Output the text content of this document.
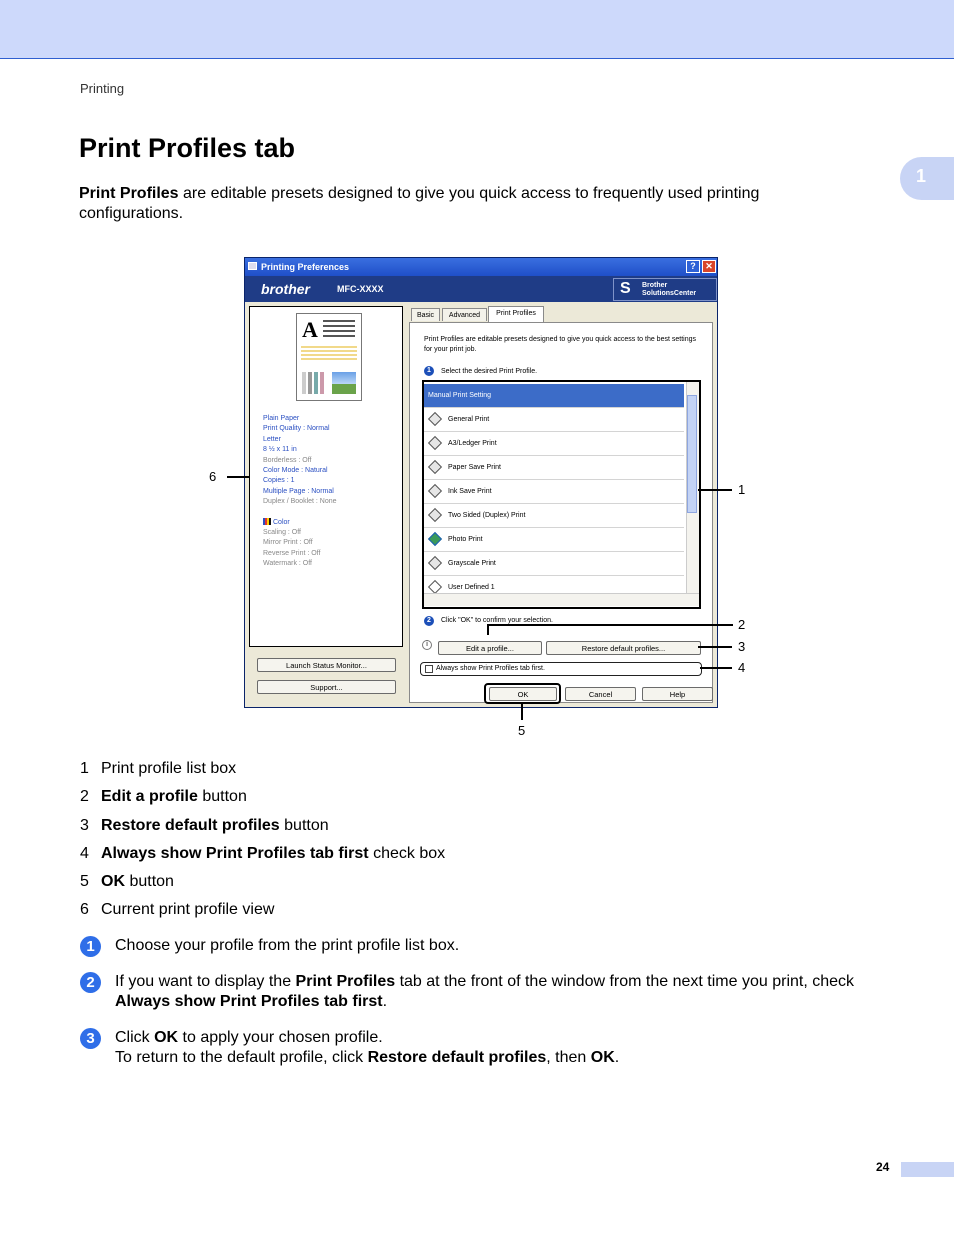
Printing
1
Print Profiles tab
Print Profiles are editable presets designed to give you quick access to frequently used printing configurations.
Printing Preferences	?	✕
brother	MFC-XXXX	S Brother
SolutionsCenter
A
Plain Paper
Print Quality : Normal
Letter
8 ½ x 11 in
Borderless : Off
Color Mode : Natural
Copies : 1
Multiple Page : Normal
Duplex / Booklet : None
Color
Scaling : Off
Mirror Print : Off
Reverse Print : Off
Watermark : Off
Launch Status Monitor...
Support...
Basic	Advanced	Print Profiles
Print Profiles are editable presets designed to give you quick access to the best settings for your print job.
1	Select the desired Print Profile.
Manual Print Setting
General Print
A3/Ledger Print
Paper Save Print
Ink Save Print
Two Sided (Duplex) Print
Photo Print
Grayscale Print
User Defined 1
2	Click "OK" to confirm your selection.
i	Edit a profile...	Restore default profiles...
Always show Print Profiles tab first.
OK	Cancel	Help
6
1
2
3
4
5
1 Print profile list box
2 Edit a profile button
3 Restore default profiles button
4 Always show Print Profiles tab first check box
5 OK button
6 Current print profile view
1	Choose your profile from the print profile list box.
2	If you want to display the Print Profiles tab at the front of the window from the next time you print, check
Always show Print Profiles tab first.
3	Click OK to apply your chosen profile.
To return to the default profile, click Restore default profiles, then OK.
24
